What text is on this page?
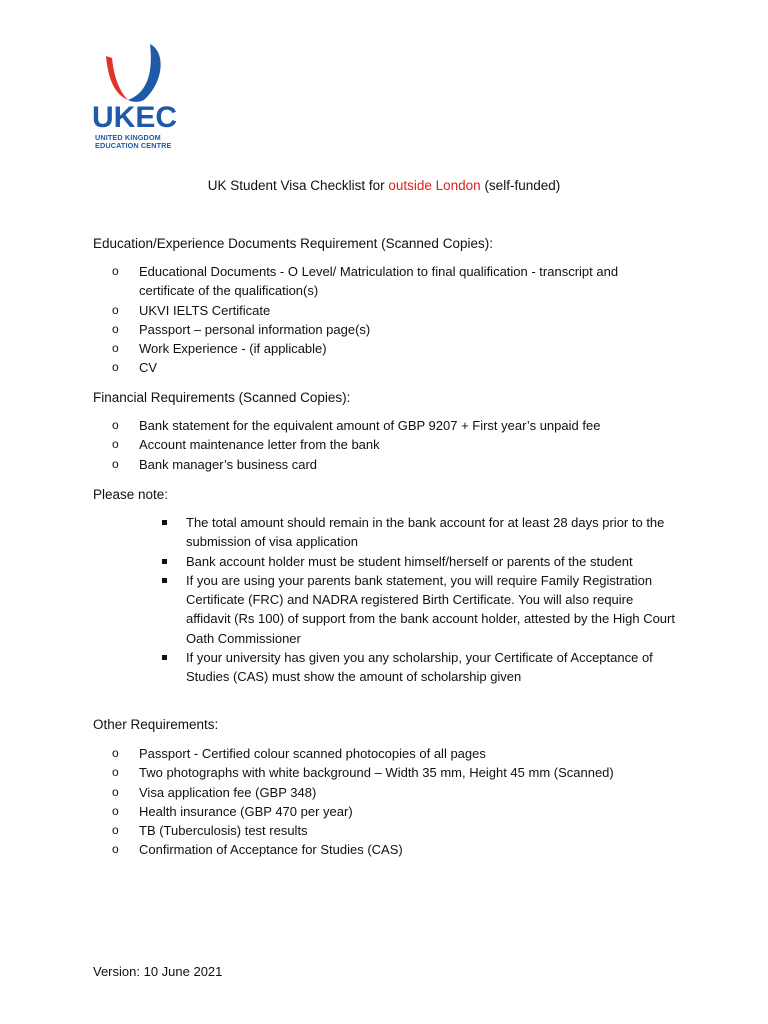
UKEC
UNITED KINGDOM
EDUCATION CENTRE
UK Student Visa Checklist for outside London (self-funded)
Education/Experience Documents Requirement (Scanned Copies):
o Educational Documents - O Level/ Matriculation to final qualification - transcript and certificate of the qualification(s)
o UKVI IELTS Certificate
o Passport – personal information page(s)
o Work Experience - (if applicable)
o CV
Financial Requirements (Scanned Copies):
o Bank statement for the equivalent amount of GBP 9207 + First year’s unpaid fee
o Account maintenance letter from the bank
o Bank manager’s business card
Please note:
The total amount should remain in the bank account for at least 28 days prior to the submission of visa application
Bank account holder must be student himself/herself or parents of the student
If you are using your parents bank statement, you will require Family Registration Certificate (FRC) and NADRA registered Birth Certificate. You will also require affidavit (Rs 100) of support from the bank account holder, attested by the High Court Oath Commissioner
If your university has given you any scholarship, your Certificate of Acceptance of Studies (CAS) must show the amount of scholarship given
Other Requirements:
o Passport - Certified colour scanned photocopies of all pages
o Two photographs with white background – Width 35 mm, Height 45 mm (Scanned)
o Visa application fee (GBP 348)
o Health insurance (GBP 470 per year)
o TB (Tuberculosis) test results
o Confirmation of Acceptance for Studies (CAS)
Version: 10 June 2021
